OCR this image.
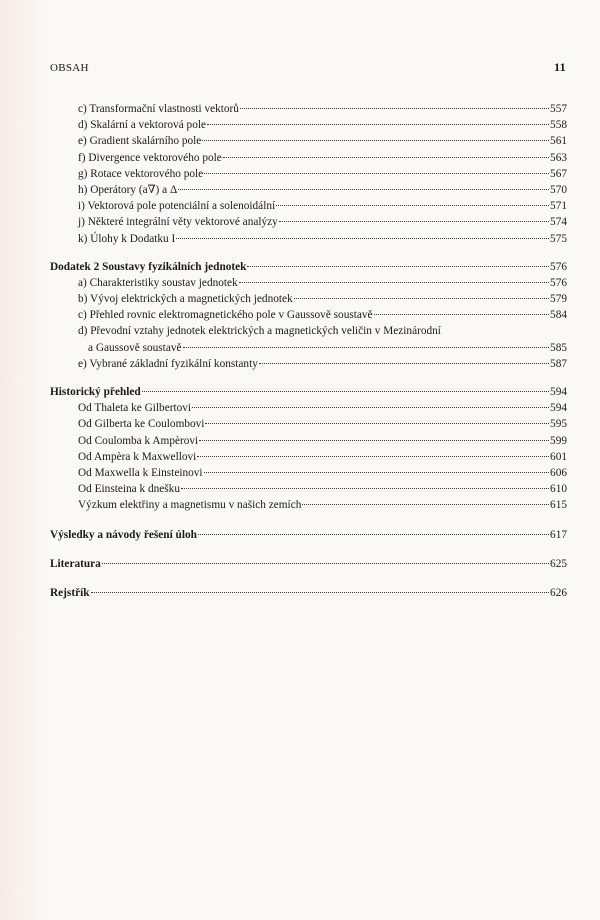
OBSAH	11
c) Transformační vlastnosti vektorů	557
d) Skalární a vektorová pole	558
e) Gradient skalárního pole	561
f) Divergence vektorového pole	563
g) Rotace vektorového pole	567
h) Operátory (a∇) a Δ	570
i) Vektorová pole potenciální a solenoidální	571
j) Některé integrální věty vektorové analýzy	574
k) Úlohy k Dodatku I	575
Dodatek 2 Soustavy fyzikálních jednotek	576
a) Charakteristiky soustav jednotek	576
b) Vývoj elektrických a magnetických jednotek	579
c) Přehled rovnic elektromagnetického pole v Gaussově soustavě	584
d) Převodní vztahy jednotek elektrických a magnetických veličin v Mezinárodní
a Gaussově soustavě	585
e) Vybrané základní fyzikální konstanty	587
Historický přehled	594
Od Thaleta ke Gilbertovi	594
Od Gilberta ke Coulombovi	595
Od Coulomba k Ampèrovi	599
Od Ampèra k Maxwellovi	601
Od Maxwella k Einsteinovi	606
Od Einsteina k dnešku	610
Výzkum elektřiny a magnetismu v našich zemích	615
Výsledky a návody řešení úloh	617
Literatura	625
Rejstřík	626
